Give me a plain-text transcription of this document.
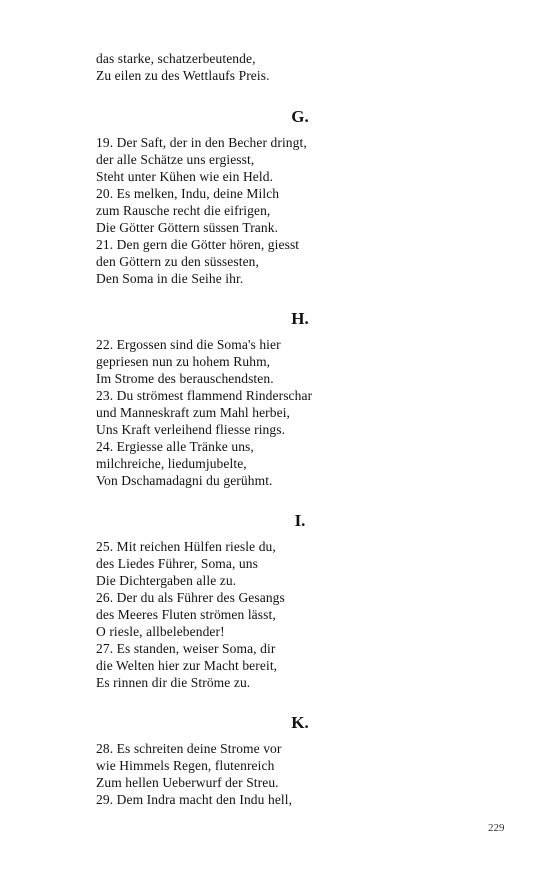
das starke, schatzerbeutende,
Zu eilen zu des Wettlaufs Preis.
G.
19. Der Saft, der in den Becher dringt,
der alle Schätze uns ergiesst,
Steht unter Kühen wie ein Held.
20. Es melken, Indu, deine Milch
zum Rausche recht die eifrigen,
Die Götter Göttern süssen Trank.
21. Den gern die Götter hören, giesst
den Göttern zu den süssesten,
Den Soma in die Seihe ihr.
H.
22. Ergossen sind die Soma's hier
gepriesen nun zu hohem Ruhm,
Im Strome des berauschendsten.
23. Du strömest flammend Rinderschar
und Manneskraft zum Mahl herbei,
Uns Kraft verleihend fliesse rings.
24. Ergiesse alle Tränke uns,
milchreiche, liedumjubelte,
Von Dschamadagni du gerühmt.
I.
25. Mit reichen Hülfen riesle du,
des Liedes Führer, Soma, uns
Die Dichtergaben alle zu.
26. Der du als Führer des Gesangs
des Meeres Fluten strömen lässt,
O riesle, allbelebender!
27. Es standen, weiser Soma, dir
die Welten hier zur Macht bereit,
Es rinnen dir die Ströme zu.
K.
28. Es schreiten deine Strome vor
wie Himmels Regen, flutenreich
Zum hellen Ueberwurf der Streu.
29. Dem Indra macht den Indu hell,
229
